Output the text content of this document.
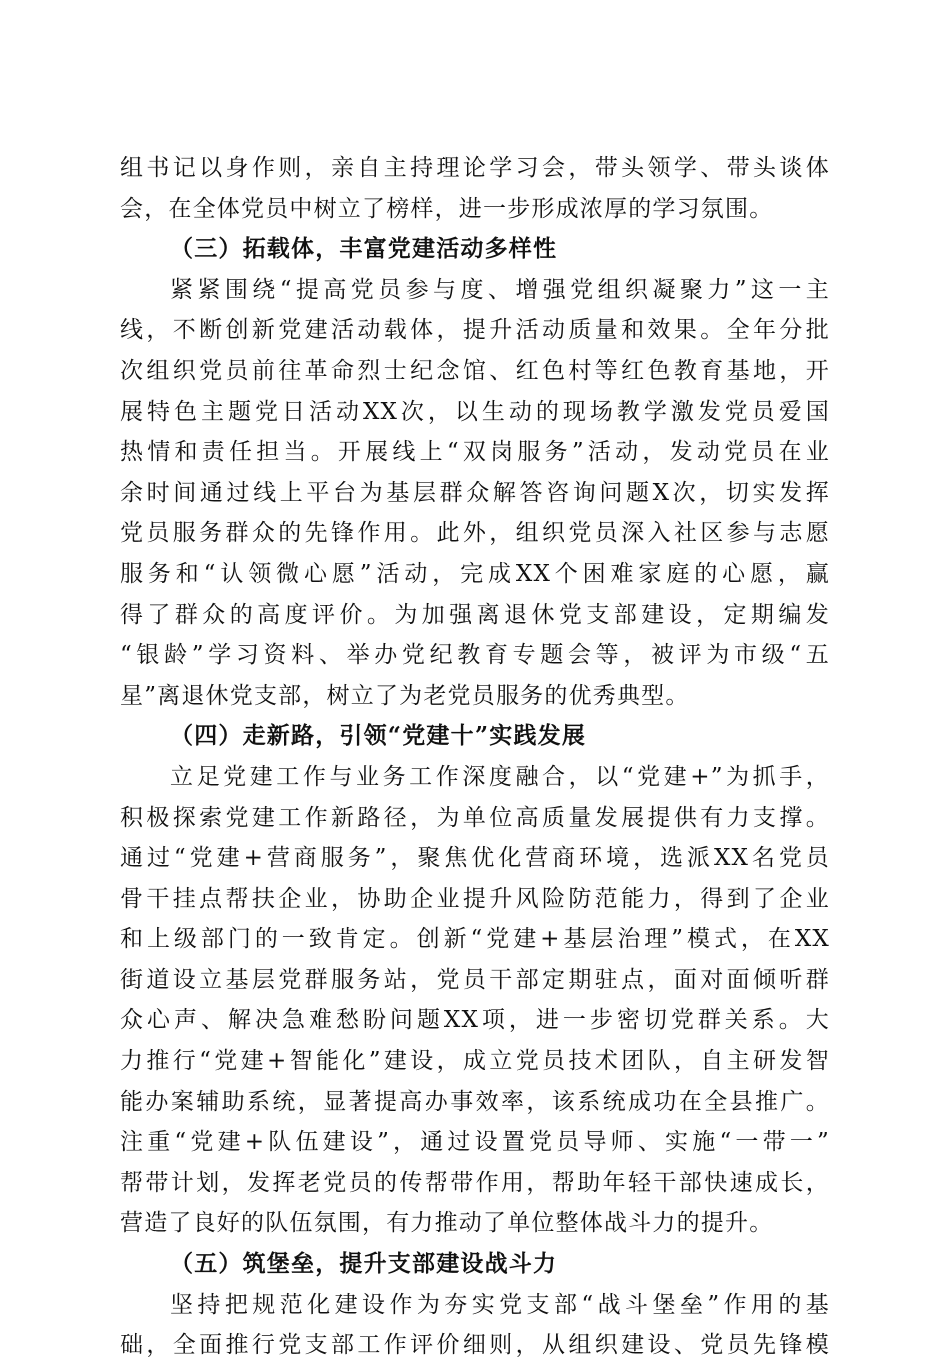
组书记以身作则，亲自主持理论学习会，带头领学、带头谈体
会，在全体党员中树立了榜样，进一步形成浓厚的学习氛围。
（三）拓载体，丰富党建活动多样性
紧紧围绕“提高党员参与度、增强党组织凝聚力”这一主
线，不断创新党建活动载体，提升活动质量和效果。全年分批
次组织党员前往革命烈士纪念馆、红色村等红色教育基地，开
展特色主题党日活动XX次，以生动的现场教学激发党员爱国
热情和责任担当。开展线上“双岗服务”活动，发动党员在业
余时间通过线上平台为基层群众解答咨询问题X次，切实发挥
党员服务群众的先锋作用。此外，组织党员深入社区参与志愿
服务和“认领微心愿”活动，完成XX个困难家庭的心愿，赢
得了群众的高度评价。为加强离退休党支部建设，定期编发
“银龄”学习资料、举办党纪教育专题会等，被评为市级“五
星”离退休党支部，树立了为老党员服务的优秀典型。
（四）走新路，引领“党建十”实践发展
立足党建工作与业务工作深度融合，以“党建+”为抓手，
积极探索党建工作新路径，为单位高质量发展提供有力支撑。
通过“党建+营商服务”，聚焦优化营商环境，选派XX名党员
骨干挂点帮扶企业，协助企业提升风险防范能力，得到了企业
和上级部门的一致肯定。创新“党建+基层治理”模式，在XX
街道设立基层党群服务站，党员干部定期驻点，面对面倾听群
众心声、解决急难愁盼问题XX项，进一步密切党群关系。大
力推行“党建+智能化”建设，成立党员技术团队，自主研发智
能办案辅助系统，显著提高办事效率，该系统成功在全县推广。
注重“党建+队伍建设”，通过设置党员导师、实施“一带一”
帮带计划，发挥老党员的传帮带作用，帮助年轻干部快速成长，
营造了良好的队伍氛围，有力推动了单位整体战斗力的提升。
（五）筑堡垒，提升支部建设战斗力
坚持把规范化建设作为夯实党支部“战斗堡垒”作用的基
础，全面推行党支部工作评价细则，从组织建设、党员先锋模
